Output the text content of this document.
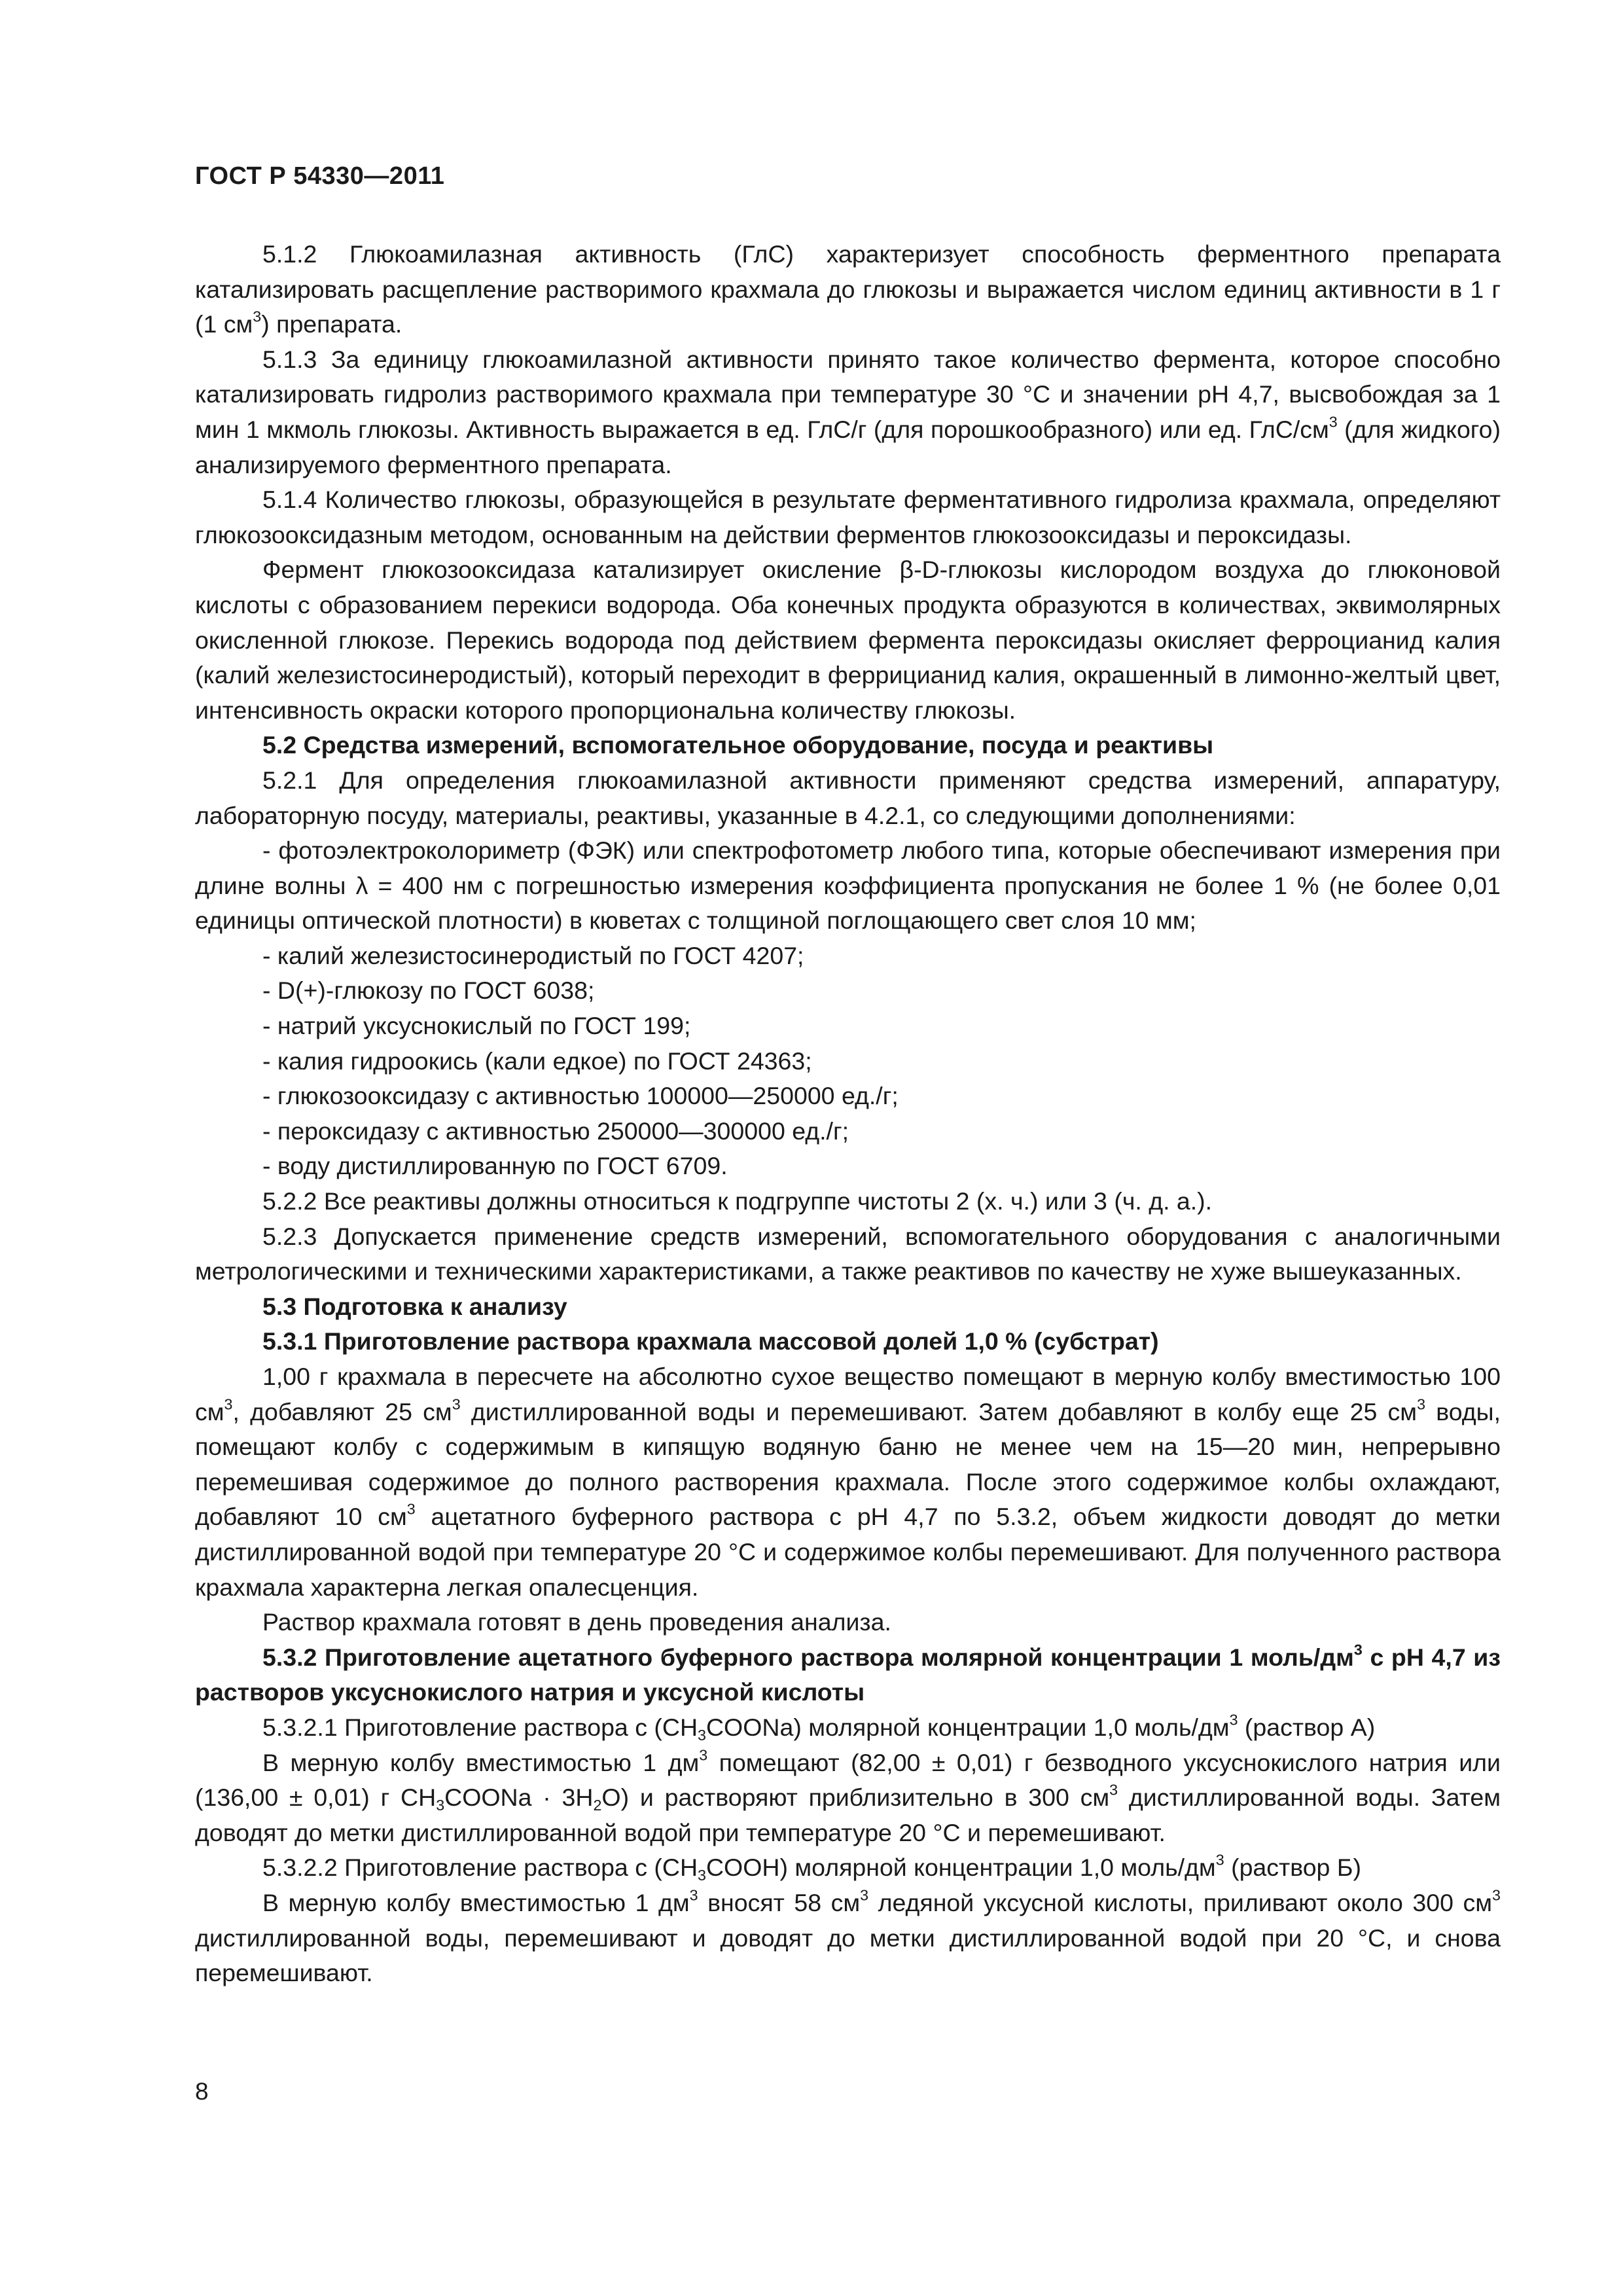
ГОСТ Р 54330—2011

5.1.2 Глюкоамилазная активность (ГлС) характеризует способность ферментного препарата катализировать расщепление растворимого крахмала до глюкозы и выражается числом единиц активности в 1 г (1 $см^3$) препарата.

5.1.3 За единицу глюкоамилазной активности принято такое количество фермента, которое способно катализировать гидролиз растворимого крахмала при температуре 30 °С и значении рН 4,7, высвобождая за 1 мин 1 мкмоль глюкозы. Активность выражается в ед. ГлС/г (для порошкообразного) или ед. ГлС/$см^3$ (для жидкого) анализируемого ферментного препарата.

5.1.4 Количество глюкозы, образующейся в результате ферментативного гидролиза крахмала, определяют глюкозооксидазным методом, основанным на действии ферментов глюкозооксидазы и пероксидазы.

Фермент глюкозооксидаза катализирует окисление β-D-глюкозы кислородом воздуха до глюконовой кислоты с образованием перекиси водорода. Оба конечных продукта образуются в количествах, эквимолярных окисленной глюкозе. Перекись водорода под действием фермента пероксидазы окисляет ферроцианид калия (калий железистосинеродистый), который переходит в феррицианид калия, окрашенный в лимонно-желтый цвет, интенсивность окраски которого пропорциональна количеству глюкозы.

5.2 Средства измерений, вспомогательное оборудование, посуда и реактивы

5.2.1 Для определения глюкоамилазной активности применяют средства измерений, аппаратуру, лабораторную посуду, материалы, реактивы, указанные в 4.2.1, со следующими дополнениями:

- фотоэлектроколориметр (ФЭК) или спектрофотометр любого типа, которые обеспечивают измерения при длине волны λ = 400 нм с погрешностью измерения коэффициента пропускания не более 1 % (не более 0,01 единицы оптической плотности) в кюветах с толщиной поглощающего свет слоя 10 мм;

- калий железистосинеродистый по ГОСТ 4207;

- D(+)-глюкозу по ГОСТ 6038;

- натрий уксуснокислый по ГОСТ 199;

- калия гидроокись (кали едкое) по ГОСТ 24363;

- глюкозооксидазу с активностью 100000—250000 ед./г;

- пероксидазу с активностью 250000—300000 ед./г;

- воду дистиллированную по ГОСТ 6709.

5.2.2 Все реактивы должны относиться к подгруппе чистоты 2 (х. ч.) или 3 (ч. д. а.).

5.2.3 Допускается применение средств измерений, вспомогательного оборудования с аналогичными метрологическими и техническими характеристиками, а также реактивов по качеству не хуже вышеуказанных.

5.3 Подготовка к анализу

5.3.1 Приготовление раствора крахмала массовой долей 1,0 % (субстрат)

1,00 г крахмала в пересчете на абсолютно сухое вещество помещают в мерную колбу вместимостью 100 $см^3$, добавляют 25 $см^3$ дистиллированной воды и перемешивают. Затем добавляют в колбу еще 25 $см^3$ воды, помещают колбу с содержимым в кипящую водяную баню не менее чем на 15—20 мин, непрерывно перемешивая содержимое до полного растворения крахмала. После этого содержимое колбы охлаждают, добавляют 10 $см^3$ ацетатного буферного раствора с рН 4,7 по 5.3.2, объем жидкости доводят до метки дистиллированной водой при температуре 20 °С и содержимое колбы перемешивают. Для полученного раствора крахмала характерна легкая опалесценция.

Раствор крахмала готовят в день проведения анализа.

5.3.2 Приготовление ацетатного буферного раствора молярной концентрации 1 моль/$дм^3$ с рН 4,7 из растворов уксуснокислого натрия и уксусной кислоты

5.3.2.1 Приготовление раствора с $(CH_3COONa)$ молярной концентрации 1,0 моль/$дм^3$ (раствор А)

В мерную колбу вместимостью 1 $дм^3$ помещают (82,00 ± 0,01) г безводного уксуснокислого натрия или (136,00 ± 0,01) г $CH_3COONa \cdot 3H_2O$) и растворяют приблизительно в 300 $см^3$ дистиллированной воды. Затем доводят до метки дистиллированной водой при температуре 20 °С и перемешивают.

5.3.2.2 Приготовление раствора с $(CH_3COOH)$ молярной концентрации 1,0 моль/$дм^3$ (раствор Б)

В мерную колбу вместимостью 1 $дм^3$ вносят 58 $см^3$ ледяной уксусной кислоты, приливают около 300 $см^3$ дистиллированной воды, перемешивают и доводят до метки дистиллированной водой при 20 °С, и снова перемешивают.

8
